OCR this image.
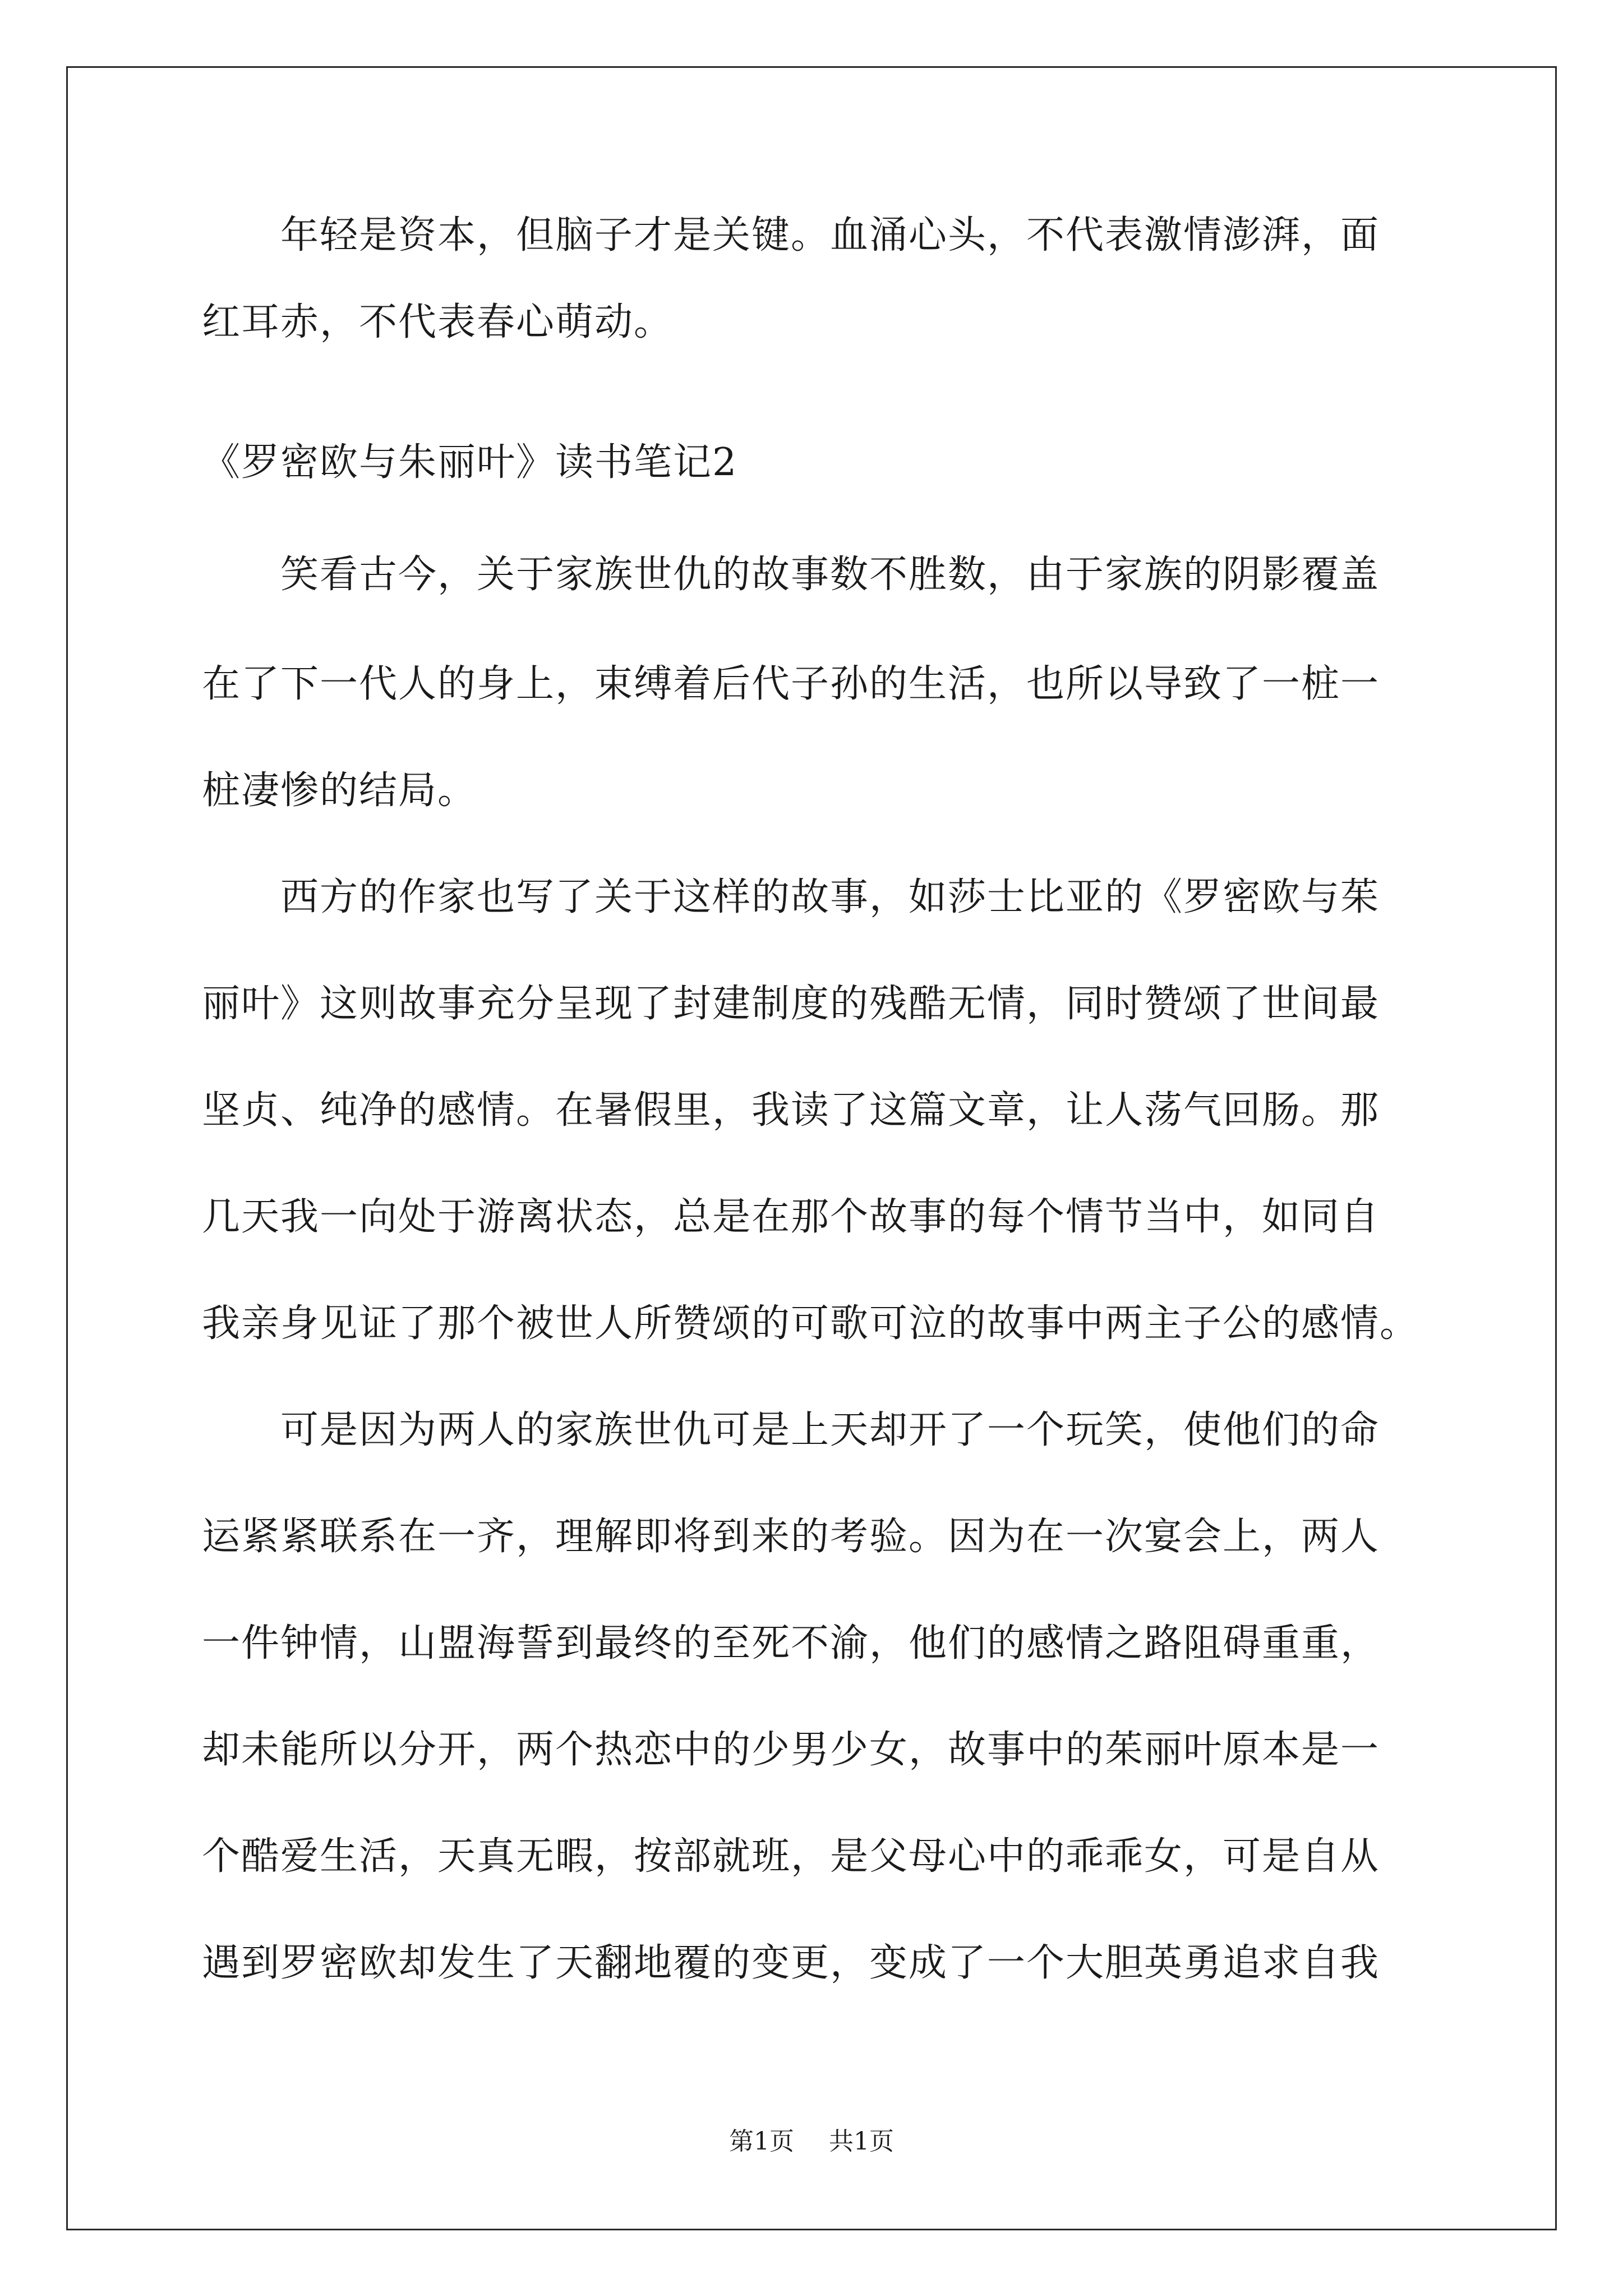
年轻是资本，但脑子才是关键。血涌心头，不代表激情澎湃，面
红耳赤，不代表春心萌动。
《罗密欧与朱丽叶》读书笔记2
笑看古今，关于家族世仇的故事数不胜数，由于家族的阴影覆盖
在了下一代人的身上，束缚着后代子孙的生活，也所以导致了一桩一
桩凄惨的结局。
西方的作家也写了关于这样的故事，如莎士比亚的《罗密欧与茱
丽叶》这则故事充分呈现了封建制度的残酷无情，同时赞颂了世间最
坚贞、纯净的感情。在暑假里，我读了这篇文章，让人荡气回肠。那
几天我一向处于游离状态，总是在那个故事的每个情节当中，如同自
我亲身见证了那个被世人所赞颂的可歌可泣的故事中两主子公的感情。
可是因为两人的家族世仇可是上天却开了一个玩笑，使他们的命
运紧紧联系在一齐，理解即将到来的考验。因为在一次宴会上，两人
一件钟情，山盟海誓到最终的至死不渝，他们的感情之路阻碍重重，
却未能所以分开，两个热恋中的少男少女，故事中的茱丽叶原本是一
个酷爱生活，天真无暇，按部就班，是父母心中的乖乖女，可是自从
遇到罗密欧却发生了天翻地覆的变更，变成了一个大胆英勇追求自我
第1页 共1页
